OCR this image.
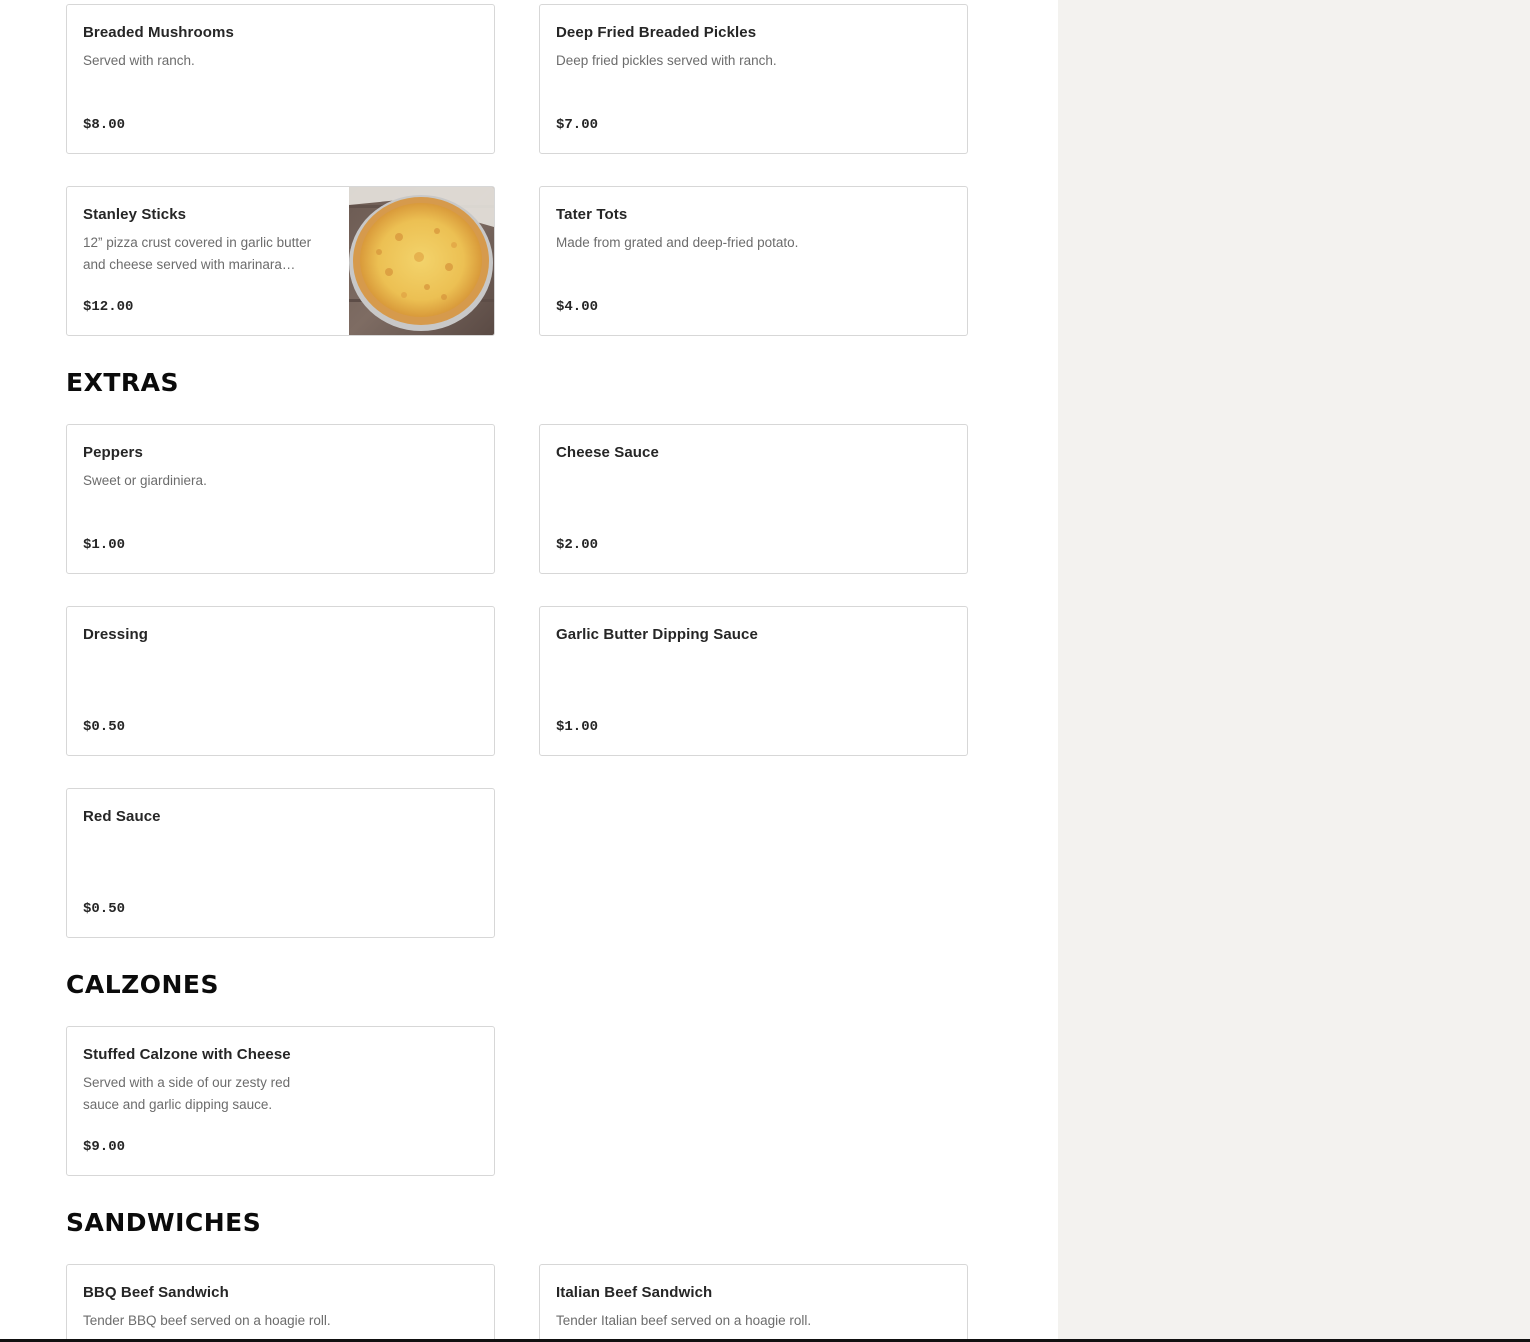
Breaded Mushrooms
Served with ranch.
$8.00
Deep Fried Breaded Pickles
Deep fried pickles served with ranch.
$7.00
Stanley Sticks
12” pizza crust covered in garlic butter and cheese served with marinara…
$12.00
Tater Tots
Made from grated and deep-fried potato.
$4.00
EXTRAS
Peppers
Sweet or giardiniera.
$1.00
Cheese Sauce
$2.00
Dressing
$0.50
Garlic Butter Dipping Sauce
$1.00
Red Sauce
$0.50
CALZONES
Stuffed Calzone with Cheese
Served with a side of our zesty red sauce and garlic dipping sauce.
$9.00
SANDWICHES
BBQ Beef Sandwich
Tender BBQ beef served on a hoagie roll.
Italian Beef Sandwich
Tender Italian beef served on a hoagie roll.
